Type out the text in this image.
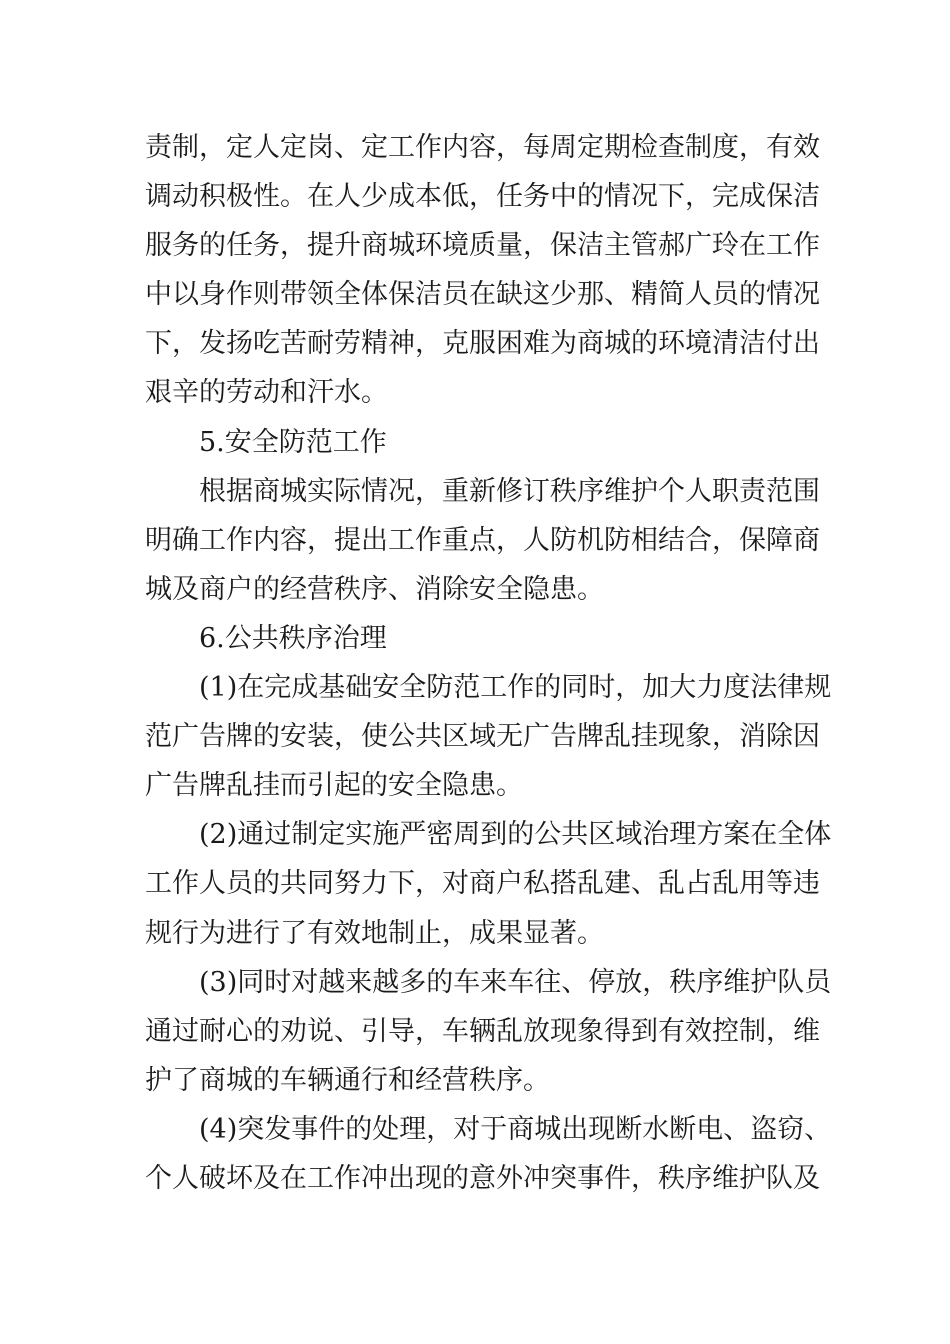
责制，定人定岗、定工作内容，每周定期检查制度，有效
调动积极性。在人少成本低，任务中的情况下，完成保洁
服务的任务，提升商城环境质量，保洁主管郝广玲在工作
中以身作则带领全体保洁员在缺这少那、精简人员的情况
下，发扬吃苦耐劳精神，克服困难为商城的环境清洁付出
艰辛的劳动和汗水。
5.安全防范工作
根据商城实际情况，重新修订秩序维护个人职责范围
明确工作内容，提出工作重点，人防机防相结合，保障商
城及商户的经营秩序、消除安全隐患。
6.公共秩序治理
(1)在完成基础安全防范工作的同时，加大力度法律规
范广告牌的安装，使公共区域无广告牌乱挂现象，消除因
广告牌乱挂而引起的安全隐患。
(2)通过制定实施严密周到的公共区域治理方案在全体
工作人员的共同努力下，对商户私搭乱建、乱占乱用等违
规行为进行了有效地制止，成果显著。
(3)同时对越来越多的车来车往、停放，秩序维护队员
通过耐心的劝说、引导，车辆乱放现象得到有效控制，维
护了商城的车辆通行和经营秩序。
(4)突发事件的处理，对于商城出现断水断电、盗窃、
个人破坏及在工作冲出现的意外冲突事件，秩序维护队及
